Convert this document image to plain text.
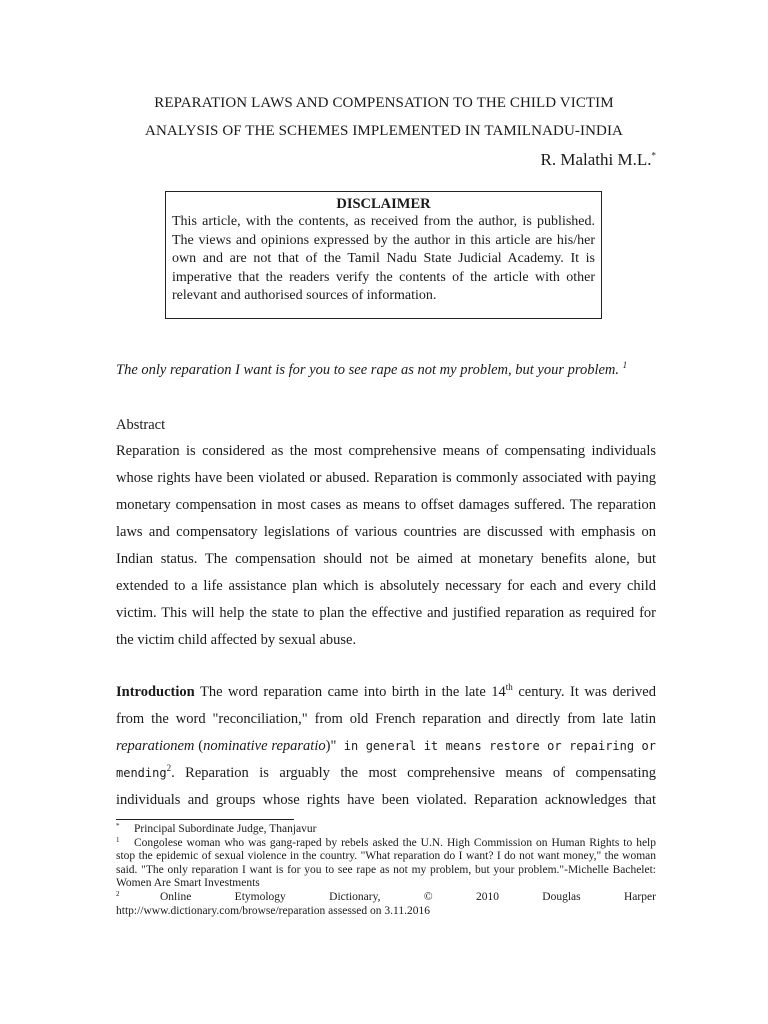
REPARATION LAWS AND COMPENSATION TO THE CHILD VICTIM
ANALYSIS OF THE SCHEMES IMPLEMENTED IN TAMILNADU-INDIA
R. Malathi M.L.*
DISCLAIMER
This article, with the contents, as received from the author, is published. The views and opinions expressed by the author in this article are his/her own and are not that of the Tamil Nadu State Judicial Academy. It is imperative that the readers verify the contents of the article with other relevant and authorised sources of information.
The only reparation I want is for you to see rape as not my problem, but your problem. $^1$
Abstract
Reparation is considered as the most comprehensive means of compensating individuals whose rights have been violated or abused. Reparation is commonly associated with paying monetary compensation in most cases as means to offset damages suffered. The reparation laws and compensatory legislations of various countries are discussed with emphasis on Indian status. The compensation should not be aimed at monetary benefits alone, but extended to a life assistance plan which is absolutely necessary for each and every child victim. This will help the state to plan the effective and justified reparation as required for the victim child affected by sexual abuse.
Introduction The word reparation came into birth in the late 14th century. It was derived from the word "reconciliation," from old French reparation and directly from late latin reparationem (nominative reparatio)" in general it means restore or repairing or mending$^2$. Reparation is arguably the most comprehensive means of compensating individuals and groups whose rights have been violated. Reparation acknowledges that
*	Principal Subordinate Judge, Thanjavur
1	Congolese woman who was gang-raped by rebels asked the U.N. High Commission on Human Rights to help stop the epidemic of sexual violence in the country. "What reparation do I want? I do not want money," the woman said. "The only reparation I want is for you to see rape as not my problem, but your problem."-Michelle Bachelet: Women Are Smart Investments
2	Online	Etymology	Dictionary,	©	2010	Douglas	Harper
http://www.dictionary.com/browse/reparation assessed on 3.11.2016
